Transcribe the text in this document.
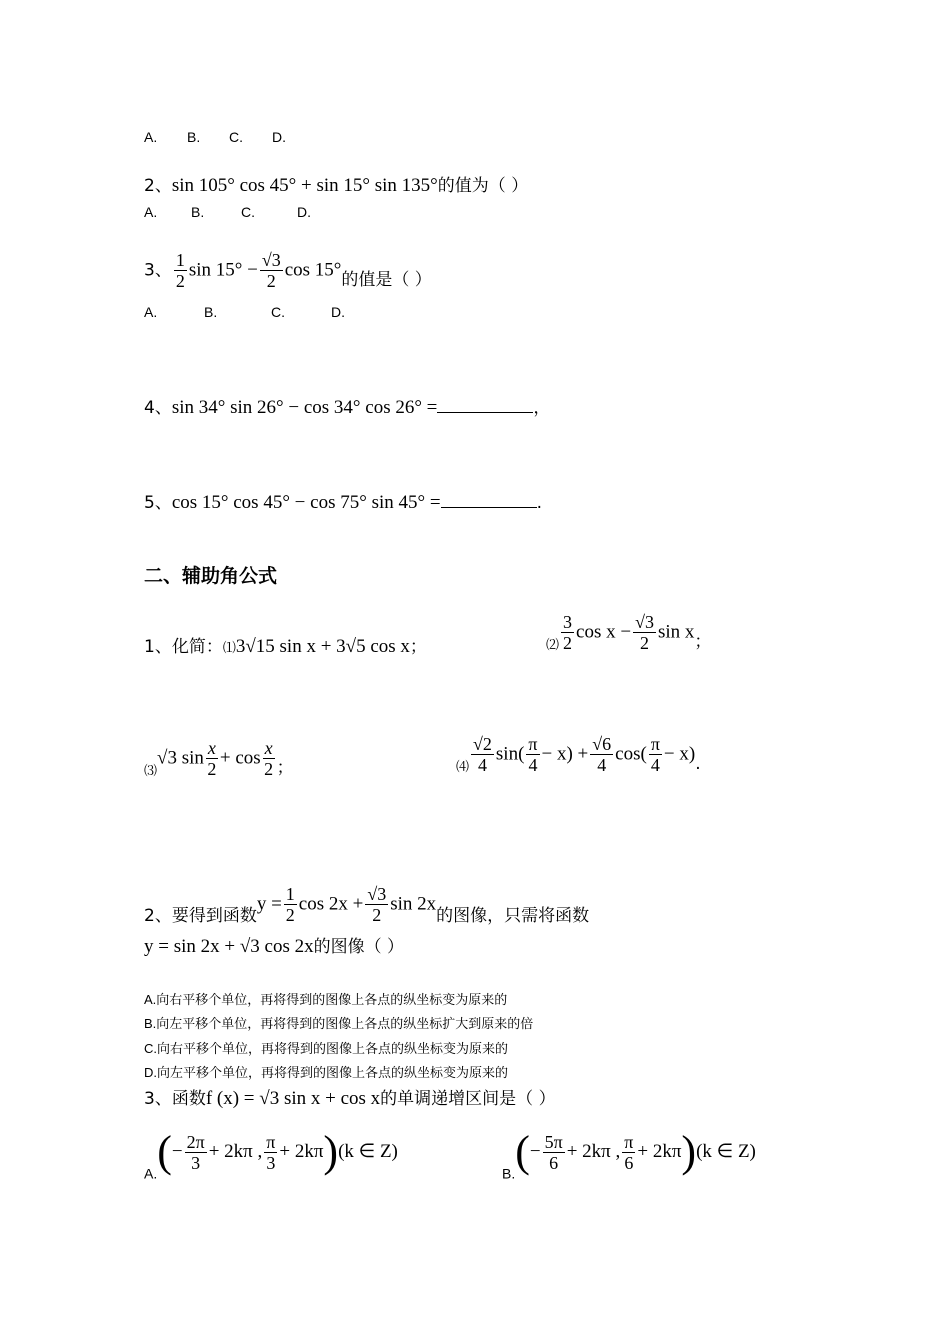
A. B. C. D.
2、sin 105° cos 45° + sin 15° sin 135°的值为（ ）
A. B.	C.	D.
3、 $\frac{1}{2}$ $\sin 15^\circ - \frac{√3}{2}$ cos 15°的值是（ ）
A.	B.	C.	D.
4、sin 34° sin 26° − cos 34° cos 26° =	，
5、cos 15° cos 45° − cos 75° sin 45° =	.
二、辅助角公式
1、化简：⑴3√15 sin x + 3√5 cos x；	$_⑵ \frac{3}{2}$ $\cos x - \frac{√3}{2}$ sin x；
$_⑶$√3 $\sin \frac{x}{2} + \cos \frac{x}{2}$ ；	$_⑷ \frac{√2}{4} \sin( \frac{\pi}{4} - x) + \frac{√6}{4} \cos( \frac{\pi}{4} - x)$.
2、要得到函数$y = \frac{1}{2}$ $\cos 2x + \frac{√3}{2}$ sin 2x的图像，只需将函数
y = sin 2x + √3 cos 2x的图像（ ）
A.向右平移个单位，再将得到的图像上各点的纵坐标变为原来的
B.向左平移个单位，再将得到的图像上各点的纵坐标扩大到原来的倍
C.向右平移个单位，再将得到的图像上各点的纵坐标变为原来的
D.向左平移个单位，再将得到的图像上各点的纵坐标变为原来的
3、函数f (x) = √3 sin x + cos x的单调递增区间是（ ）
$_{A.}(- \frac{2\pi}{3} + 2k\pi$ , $\frac{\pi}{3} + 2k\pi)(k$ ∈ Z)
$_{B.}(- \frac{5\pi}{6} + 2k\pi$ , $\frac{\pi}{6} + 2k\pi)(k$ ∈ Z)
